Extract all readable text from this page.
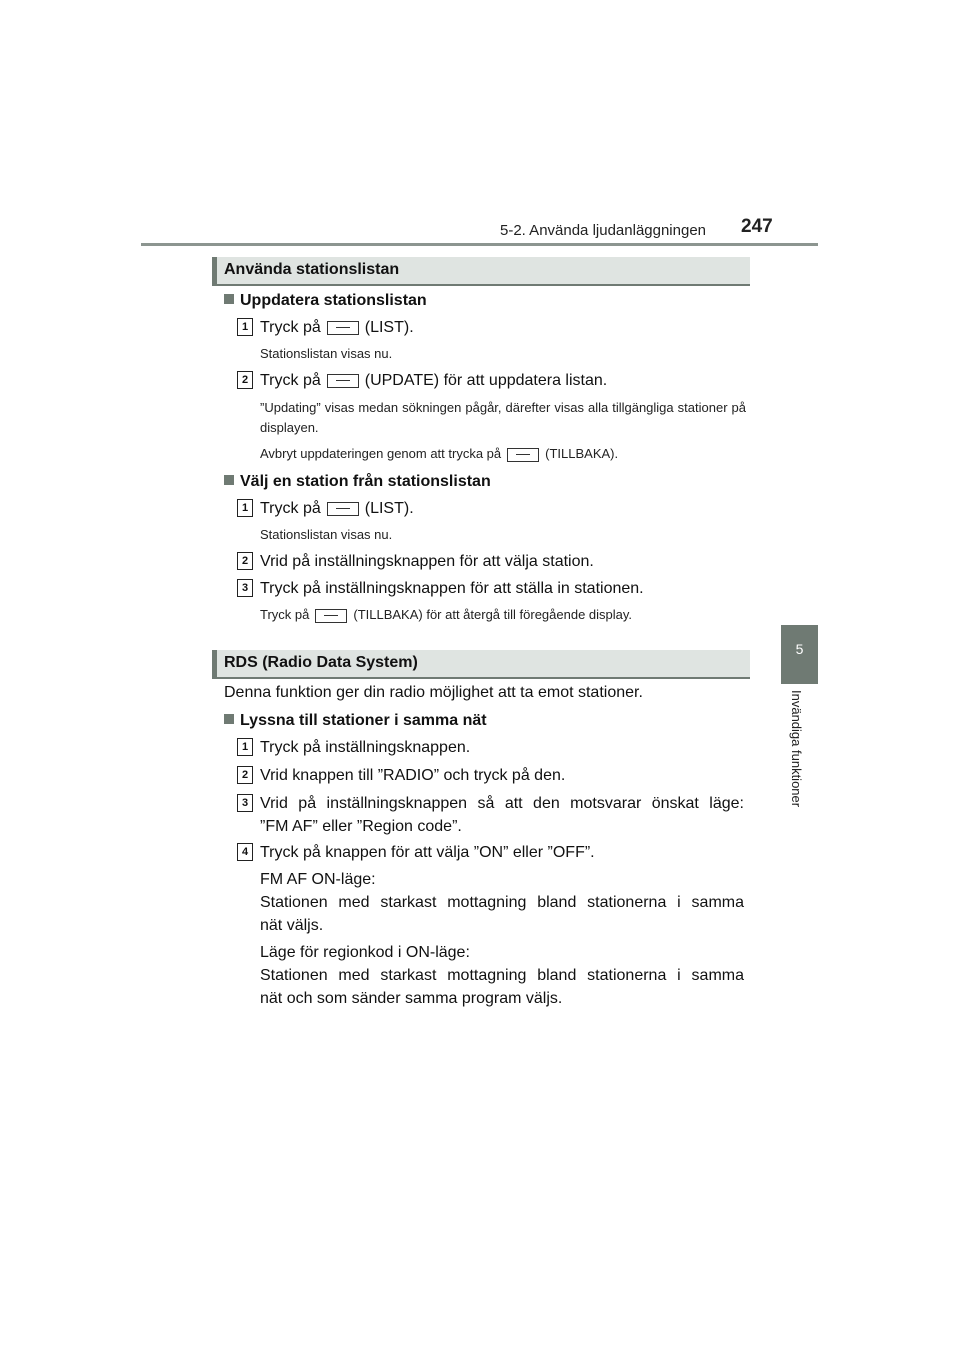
5-2. Använda ljudanläggningen 247
5
Invändiga funktioner
Använda stationslistan
Uppdatera stationslistan
1 Tryck på	(LIST).
Stationslistan visas nu.
2 Tryck på	(UPDATE) för att uppdatera listan.
”Updating” visas medan sökningen pågår, därefter visas alla tillgängliga stationer på displayen.
Avbryt uppdateringen genom att trycka på	(TILLBAKA).
Välj en station från stationslistan
1 Tryck på	(LIST).
Stationslistan visas nu.
2 Vrid på inställningsknappen för att välja station.
3 Tryck på inställningsknappen för att ställa in stationen.
Tryck på	(TILLBAKA) för att återgå till föregående display.
RDS (Radio Data System)
Denna funktion ger din radio möjlighet att ta emot stationer.
Lyssna till stationer i samma nät
1 Tryck på inställningsknappen.
2 Vrid knappen till ”RADIO” och tryck på den.
3 Vrid på inställningsknappen så att den motsvarar önskat läge:
”FM AF” eller ”Region code”.
4 Tryck på knappen för att välja ”ON” eller ”OFF”.
FM AF ON-läge:
Stationen med starkast mottagning bland stationerna i samma
nät väljs.
Läge för regionkod i ON-läge:
Stationen med starkast mottagning bland stationerna i samma
nät och som sänder samma program väljs.
